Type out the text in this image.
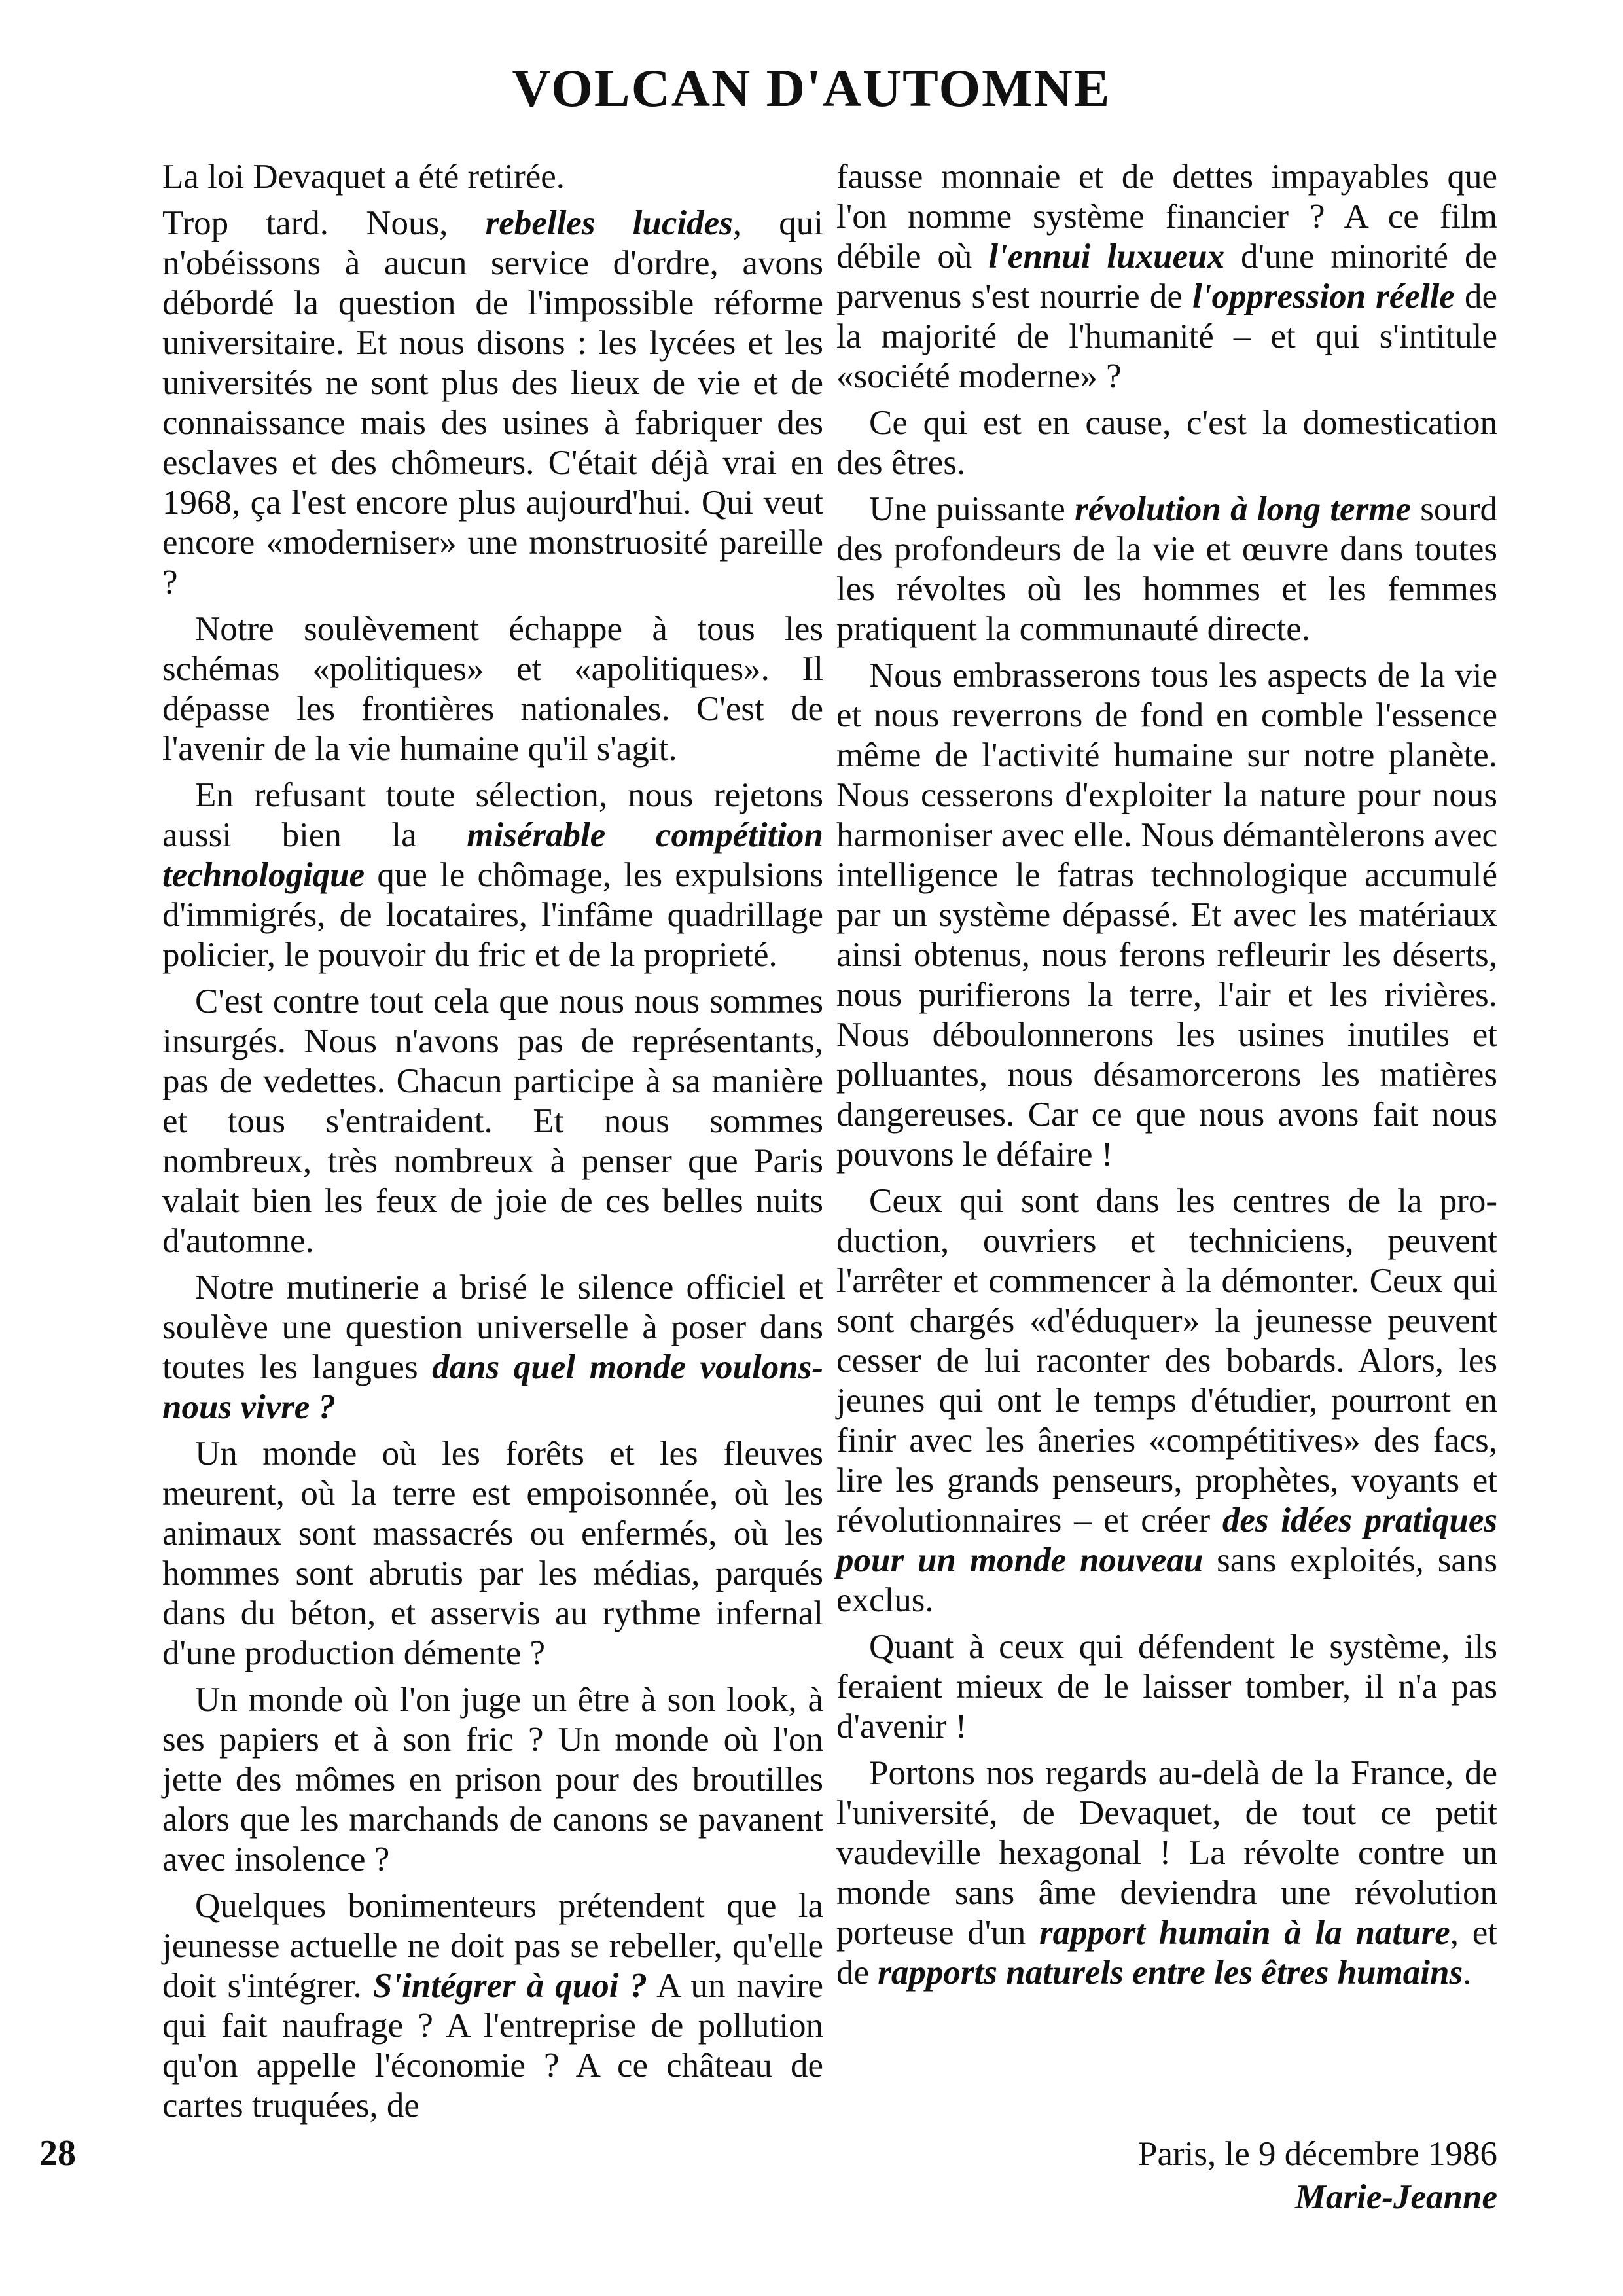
VOLCAN D'AUTOMNE

La loi Devaquet a été retirée.

Trop tard. Nous, rebelles lucides, qui n'obéissons à aucun service d'ordre, avons débordé la question de l'impossible réforme universitaire. Et nous disons : les lycées et les universités ne sont plus des lieux de vie et de connaissance mais des usines à fabriquer des esclaves et des chômeurs. C'était déjà vrai en 1968, ça l'est encore plus aujourd'hui. Qui veut encore «moderniser» une monstruosité pareille ?

Notre soulèvement échappe à tous les schémas «politiques» et «apolitiques». Il dépasse les frontières nationales. C'est de l'avenir de la vie humaine qu'il s'agit.

En refusant toute sélection, nous rejetons aussi bien la misérable compétition technologique que le chômage, les expulsions d'immigrés, de locataires, l'infâme quadrillage policier, le pouvoir du fric et de la proprieté.

C'est contre tout cela que nous nous sommes insurgés. Nous n'avons pas de représentants, pas de vedettes. Chacun participe à sa manière et tous s'entraident. Et nous sommes nombreux, très nombreux à penser que Paris valait bien les feux de joie de ces belles nuits d'automne.

Notre mutinerie a brisé le silence officiel et soulève une question universelle à poser dans toutes les langues dans quel monde voulons-nous vivre ?

Un monde où les forêts et les fleuves meurent, où la terre est empoisonnée, où les animaux sont massacrés ou enfermés, où les hommes sont abrutis par les médias, parqués dans du béton, et asservis au rythme infernal d'une production démente ?

Un monde où l'on juge un être à son look, à ses papiers et à son fric ? Un monde où l'on jette des mômes en prison pour des broutilles alors que les marchands de canons se pavanent avec insolence ?

Quelques bonimenteurs prétendent que la jeunesse actuelle ne doit pas se rebeller, qu'elle doit s'intégrer. S'intégrer à quoi ? A un navire qui fait naufrage ? A l'entreprise de pollution qu'on appelle l'économie ? A ce château de cartes truquées, de

fausse monnaie et de dettes impayables que l'on nomme système financier ? A ce film débile où l'ennui luxueux d'une minorité de parvenus s'est nourrie de l'oppression réelle de la majorité de l'humanité – et qui s'intitule «société moderne» ?

Ce qui est en cause, c'est la domestication des êtres.

Une puissante révolution à long terme sourd des profondeurs de la vie et œuvre dans toutes les révoltes où les hommes et les femmes pratiquent la communauté directe.

Nous embrasserons tous les aspects de la vie et nous reverrons de fond en comble l'essence même de l'activité humaine sur notre planète. Nous cesserons d'exploiter la nature pour nous harmoniser avec elle. Nous démantèlerons avec intelligence le fatras technologique accumulé par un système dépassé. Et avec les matériaux ainsi obtenus, nous ferons refleurir les déserts, nous purifierons la terre, l'air et les rivières. Nous déboulonnerons les usines inutiles et polluantes, nous désamorcerons les matières dangereuses. Car ce que nous avons fait nous pouvons le défaire !

Ceux qui sont dans les centres de la production, ouvriers et techniciens, peuvent l'arrêter et commencer à la démonter. Ceux qui sont chargés «d'éduquer» la jeunesse peuvent cesser de lui raconter des bobards. Alors, les jeunes qui ont le temps d'étudier, pourront en finir avec les âneries «compétitives» des facs, lire les grands penseurs, prophètes, voyants et révolutionnaires – et créer des idées pratiques pour un monde nouveau sans exploités, sans exclus.

Quant à ceux qui défendent le système, ils feraient mieux de le laisser tomber, il n'a pas d'avenir !

Portons nos regards au-delà de la France, de l'université, de Devaquet, de tout ce petit vaudeville hexagonal ! La révolte contre un monde sans âme deviendra une révolution porteuse d'un rapport humain à la nature, et de rapports naturels entre les êtres humains.

28	Paris, le 9 décembre 1986
Marie-Jeanne
